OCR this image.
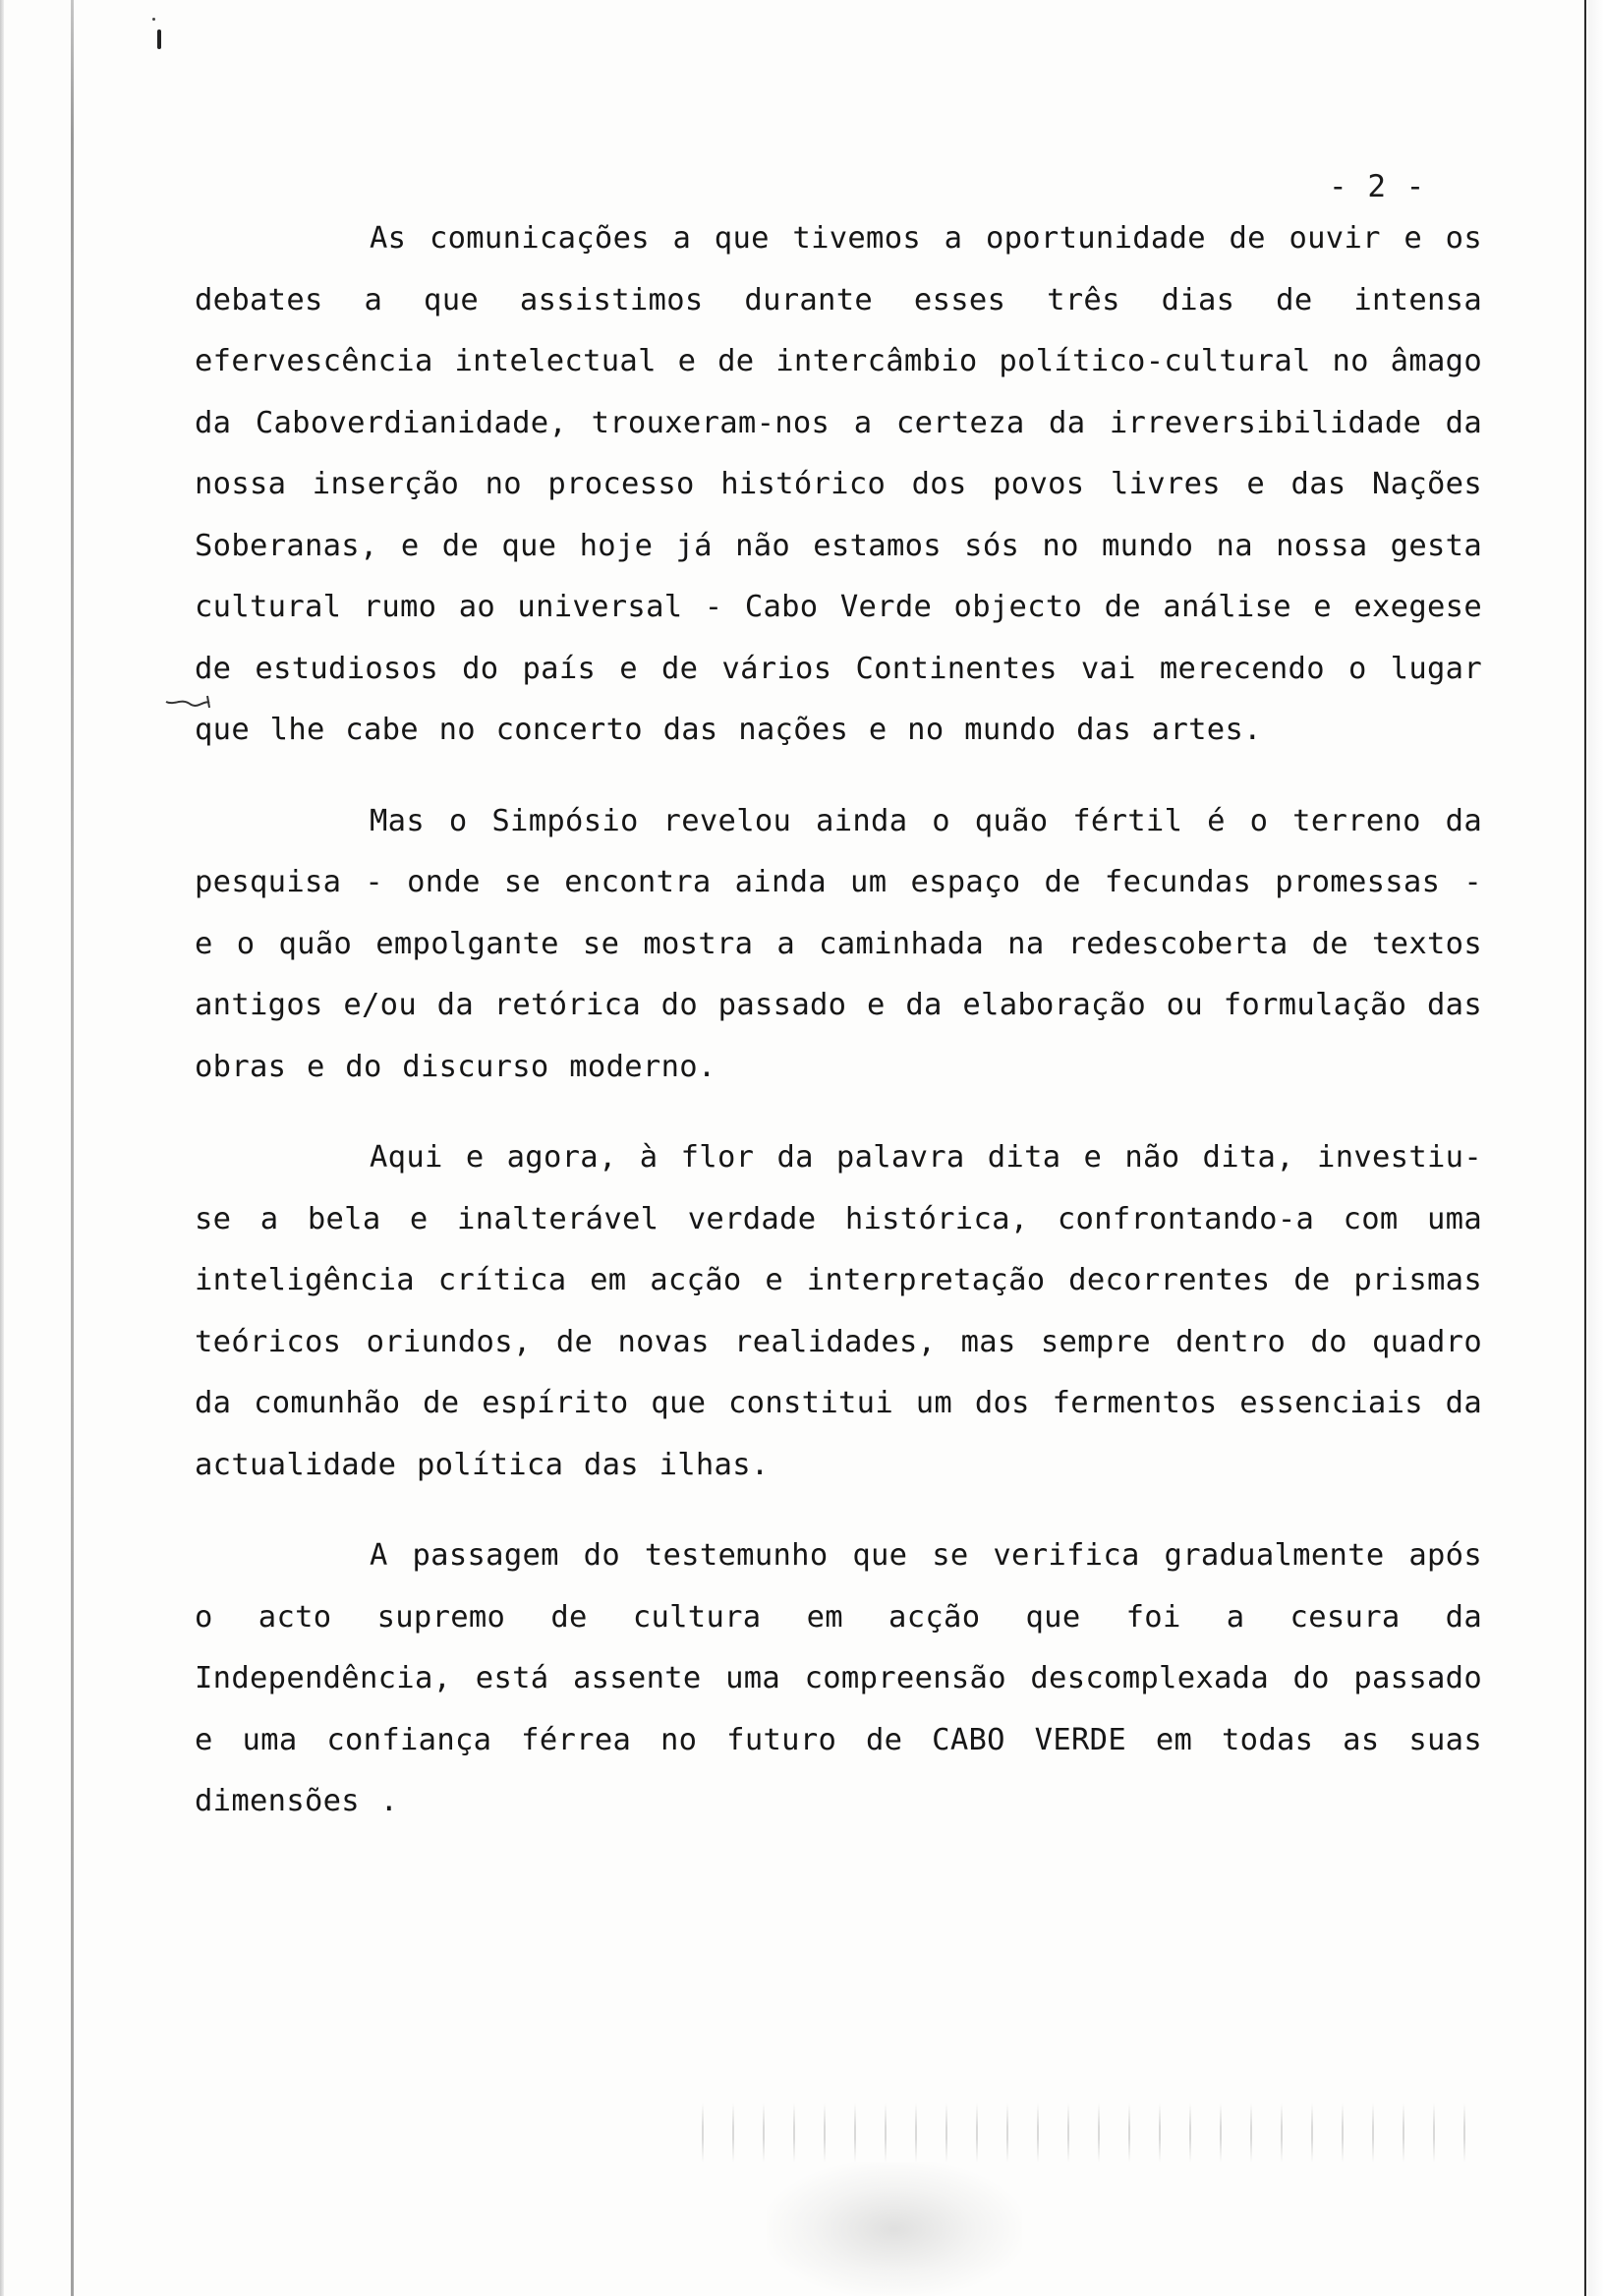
- 2 -

As comunicações a que tivemos a oportunidade de ouvir e os debates a que assistimos durante esses três dias de intensa efervescência intelectual e de intercâmbio político-cultural no âmago da Caboverdianidade, trouxeram-nos a certeza da irreversibilidade da nossa inserção no processo histórico dos povos livres e das Nações Soberanas, e de que hoje já não estamos sós no mundo na nossa gesta cultural rumo ao universal - Cabo Verde objecto de análise e exegese de estudiosos do país e de vários Continentes vai merecendo o lugar que lhe cabe no concerto das nações e no mundo das artes.

Mas o Simpósio revelou ainda o quão fértil é o terreno da pesquisa - onde se encontra ainda um espaço de fecundas promessas - e o quão empolgante se mostra a caminhada na redescoberta de textos antigos e/ou da retórica do passado e da elaboração ou formulação das obras e do discurso moderno.

Aqui e agora, à flor da palavra dita e não dita, investiu-se a bela e inalterável verdade histórica, confrontando-a com uma inteligência crítica em acção e interpretação decorrentes de prismas teóricos oriundos, de novas realidades, mas sempre dentro do quadro da comunhão de espírito que constitui um dos fermentos essenciais da actualidade política das ilhas.

A passagem do testemunho que se verifica gradualmente após o acto supremo de cultura em acção que foi a cesura da Independência, está assente uma compreensão descomplexada do passado e uma confiança férrea no futuro de CABO VERDE em todas as suas dimensões .
